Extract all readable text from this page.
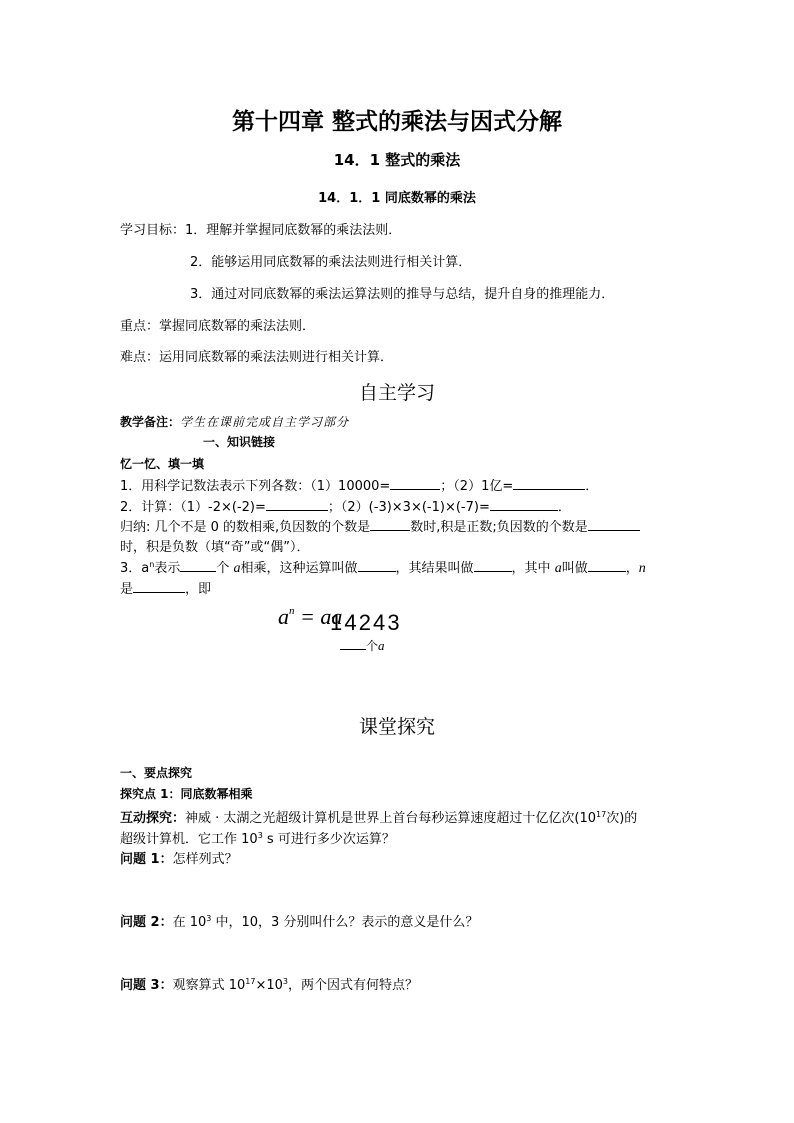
第十四章 整式的乘法与因式分解
14．1 整式的乘法
14．1．1 同底数幂的乘法
学习目标：1．理解并掌握同底数幂的乘法法则．
2．能够运用同底数幂的乘法法则进行相关计算．
3．通过对同底数幂的乘法运算法则的推导与总结，提升自身的推理能力．
重点：掌握同底数幂的乘法法则．
难点：运用同底数幂的乘法法则进行相关计算．
自主学习
教学备注：学生在课前完成自主学习部分
一、知识链接
忆一忆、填一填
1．用科学记数法表示下列各数：（1）10000=	；（2）1亿=	．
2．计算：（1）-2×(-2)=	；（2）(-3)×3×(-1)×(-7)=	．
归纳: 几个不是 0 的数相乘,负因数的个数是	数时,积是正数;负因数的个数是
时，积是负数（填“奇”或“偶”）．
3．$a^n$表示	个 a相乘，这种运算叫做	，其结果叫做	，其中 a叫做	，n
是	，即
$a^n$ = aa
1 4 2 4 3
个a
课堂探究
一、要点探究
探究点 1：同底数幂相乘
互动探究：神威 · 太湖之光超级计算机是世界上首台每秒运算速度超过十亿亿次($10^{17}$次)的
超级计算机．它工作 $10^3$ s 可进行多少次运算？
问题 1：怎样列式？
问题 2：在 $10^3$ 中，10，3 分别叫什么？表示的意义是什么？
问题 3：观察算式 $10^{17}\times 10^3$，两个因式有何特点？
